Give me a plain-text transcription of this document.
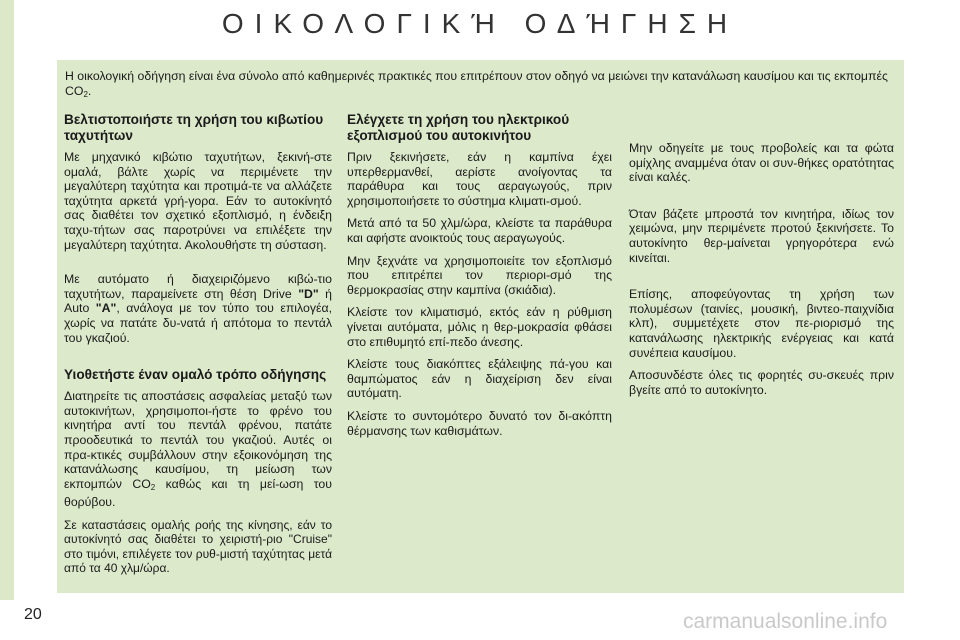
ΟΙΚΟΛΟΓΙΚΉ ΟΔΉΓΗΣΗ
Η οικολογική οδήγηση είναι ένα σύνολο από καθημερινές πρακτικές που επιτρέπουν στον οδηγό να μειώνει την κατανάλωση καυσίμου και τις εκπομπές $CO_2$.
Βελτιστοποιήστε τη χρήση του κιβωτίου ταχυτήτων

Με μηχανικό κιβώτιο ταχυτήτων, ξεκινή-στε ομαλά, βάλτε χωρίς να περιμένετε την μεγαλύτερη ταχύτητα και προτιμά-τε να αλλάζετε ταχύτητα αρκετά γρή-γορα. Εάν το αυτοκίνητό σας διαθέτει τον σχετικό εξοπλισμό, η ένδειξη ταχυ-τήτων σας παροτρύνει να επιλέξετε την μεγαλύτερη ταχύτητα. Ακολουθήστε τη σύσταση.

Με αυτόματο ή διαχειριζόμενο κιβώ-τιο ταχυτήτων, παραμείνετε στη θέση Drive "D" ή Auto "A", ανάλογα με τον τύπο του επιλογέα, χωρίς να πατάτε δυ-νατά ή απότομα το πεντάλ του γκαζιού.

Υιοθετήστε έναν ομαλό τρόπο οδήγησης

Διατηρείτε τις αποστάσεις ασφαλείας μεταξύ των αυτοκινήτων, χρησιμοποι-ήστε το φρένο του κινητήρα αντί του πεντάλ φρένου, πατάτε προοδευτικά το πεντάλ του γκαζιού. Αυτές οι πρα-κτικές συμβάλλουν στην εξοικονόμηση της κατανάλωσης καυσίμου, τη μείωση των εκπομπών $CO_2$ καθώς και τη μεί-ωση του θορύβου.

Σε καταστάσεις ομαλής ροής της κίνησης, εάν το αυτοκίνητό σας διαθέτει το χειριστή-ριο "Cruise" στο τιμόνι, επιλέγετε τον ρυθ-μιστή ταχύτητας μετά από τα 40 χλμ/ώρα.

Ελέγχετε τη χρήση του ηλεκτρικού εξοπλισμού του αυτοκινήτου

Πριν ξεκινήσετε, εάν η καμπίνα έχει υπερθερμανθεί, αερίστε ανοίγοντας τα παράθυρα και τους αεραγωγούς, πριν χρησιμοποιήσετε το σύστημα κλιματι-σμού.

Μετά από τα 50 χλμ/ώρα, κλείστε τα παράθυρα και αφήστε ανοικτούς τους αεραγωγούς.

Μην ξεχνάτε να χρησιμοποιείτε τον εξοπλισμό που επιτρέπει τον περιορι-σμό της θερμοκρασίας στην καμπίνα (σκιάδια).

Κλείστε τον κλιματισμό, εκτός εάν η ρύθμιση γίνεται αυτόματα, μόλις η θερ-μοκρασία φθάσει στο επιθυμητό επί-πεδο άνεσης.

Κλείστε τους διακόπτες εξάλειψης πά-γου και θαμπώματος εάν η διαχείριση δεν είναι αυτόματη.

Κλείστε το συντομότερο δυνατό τον δι-ακόπτη θέρμανσης των καθισμάτων.

Μην οδηγείτε με τους προβολείς και τα φώτα ομίχλης αναμμένα όταν οι συν-θήκες ορατότητας είναι καλές.

Όταν βάζετε μπροστά τον κινητήρα, ιδίως τον χειμώνα, μην περιμένετε προτού ξεκινήσετε. Το αυτοκίνητο θερ-μαίνεται γρηγορότερα ενώ κινείται.

Επίσης, αποφεύγοντας τη χρήση των πολυμέσων (ταινίες, μουσική, βιντεο-παιχνίδια κλπ), συμμετέχετε στον πε-ριορισμό της κατανάλωσης ηλεκτρικής ενέργειας και κατά συνέπεια καυσίμου.

Αποσυνδέστε όλες τις φορητές συ-σκευές πριν βγείτε από το αυτοκίνητο.

20	carmanualsonline.info
